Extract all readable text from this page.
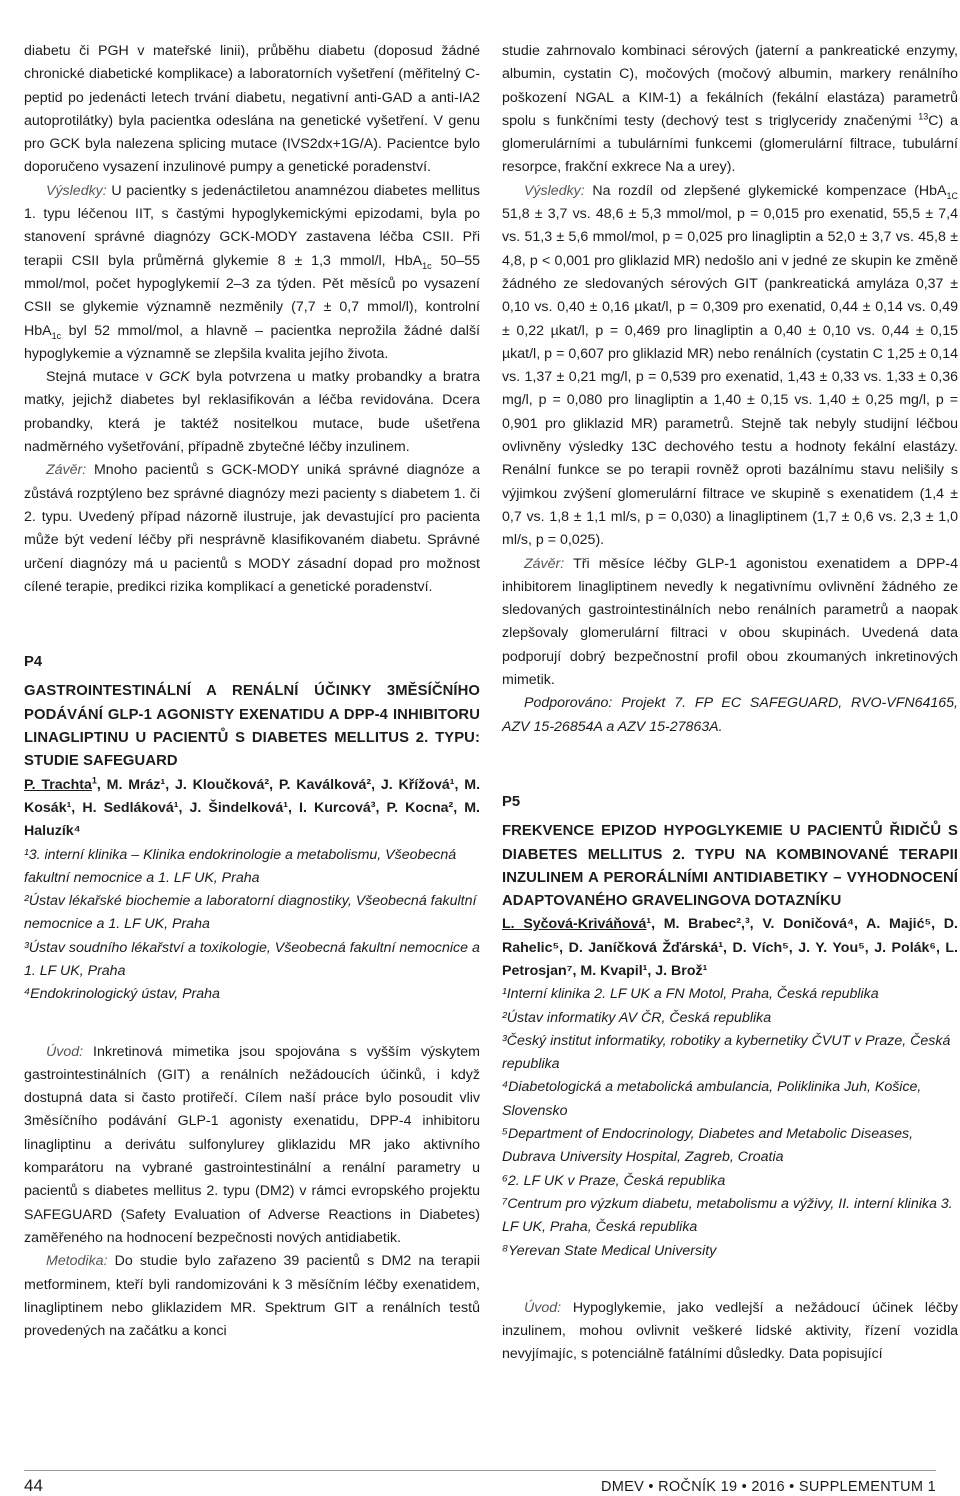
diabetu či PGH v mateřské linii), průběhu diabetu (doposud žádné chronické diabetické komplikace) a laboratorních vyšetření (měřitelný C-peptid po jedenácti letech trvání diabetu, negativní anti-GAD a anti-IA2 autoprotilátky) byla pacientka odeslána na genetické vyšetření. V genu pro GCK byla nalezena splicing mutace (IVS2dx+1G/A). Pacientce bylo doporučeno vysazení inzulinové pumpy a genetické poradenství.

Výsledky: U pacientky s jedenáctiletou anamnézou diabetes mellitus 1. typu léčenou IIT, s častými hypoglykemickými epizodami, byla po stanovení správné diagnózy GCK-MODY zastavena léčba CSII. Při terapii CSII byla průměrná glykemie 8 ± 1,3 mmol/l, HbA$_{1c}$ 50–55 mmol/mol, počet hypoglykemií 2–3 za týden. Pět měsíců po vysazení CSII se glykemie významně nezměnily (7,7 ± 0,7 mmol/l), kontrolní HbA$_{1c}$ byl 52 mmol/mol, a hlavně – pacientka neprožila žádné další hypoglykemie a významně se zlepšila kvalita jejího života.

Stejná mutace v GCK byla potvrzena u matky probandky a bratra matky, jejichž diabetes byl reklasifikován a léčba revidována. Dcera probandky, která je taktéž nositelkou mutace, bude ušetřena nadměrného vyšetřování, případně zbytečné léčby inzulinem.

Závěr: Mnoho pacientů s GCK-MODY uniká správné diagnóze a zůstává rozptýleno bez správné diagnózy mezi pacienty s diabetem 1. či 2. typu. Uvedený případ názorně ilustruje, jak devastující pro pacienta může být vedení léčby při nesprávně klasifikovaném diabetu. Správné určení diagnózy má u pacientů s MODY zásadní dopad pro možnost cílené terapie, predikci rizika komplikací a genetické poradenství.

P4

GASTROINTESTINÁLNÍ A RENÁLNÍ ÚČINKY 3MĚSÍČNÍHO PODÁVÁNÍ GLP-1 AGONISTY EXENATIDU A DPP-4 INHIBITORU LINAGLIPTINU U PACIENTŮ S DIABETES MELLITUS 2. TYPU: STUDIE SAFEGUARD

P. Trachta$^1$, M. Mráz¹, J. Kloučková², P. Kaválková², J. Křížová¹, M. Kosák¹, H. Sedláková¹, J. Šindelková¹, I. Kurcová³, P. Kocna², M. Haluzík⁴

¹3. interní klinika – Klinika endokrinologie a metabolismu, Všeobecná fakultní nemocnice a 1. LF UK, Praha

²Ústav lékařské biochemie a laboratorní diagnostiky, Všeobecná fakultní nemocnice a 1. LF UK, Praha

³Ústav soudního lékařství a toxikologie, Všeobecná fakultní nemocnice a 1. LF UK, Praha

⁴Endokrinologický ústav, Praha

Úvod: Inkretinová mimetika jsou spojována s vyšším výskytem gastrointestinálních (GIT) a renálních nežádoucích účinků, i když dostupná data si často protiřečí. Cílem naší práce bylo posoudit vliv 3měsíčního podávání GLP-1 agonisty exenatidu, DPP-4 inhibitoru linagliptinu a derivátu sulfonylurey gliklazidu MR jako aktivního komparátoru na vybrané gastrointestinální a renální parametry u pacientů s diabetes mellitus 2. typu (DM2) v rámci evropského projektu SAFEGUARD (Safety Evaluation of Adverse Reactions in Diabetes) zaměřeného na hodnocení bezpečnosti nových antidiabetik.

Metodika: Do studie bylo zařazeno 39 pacientů s DM2 na terapii metforminem, kteří byli randomizováni k 3 měsíčním léčby exenatidem, linagliptinem nebo gliklazidem MR. Spektrum GIT a renálních testů provedených na začátku a konci

studie zahrnovalo kombinaci sérových (jaterní a pankreatické enzymy, albumin, cystatin C), močových (močový albumin, markery renálního poškození NGAL a KIM-1) a fekálních (fekální elastáza) parametrů spolu s funkčními testy (dechový test s triglyceridy značenými $^{13}$C) a glomerulárními a tubulárními funkcemi (glomerulární filtrace, tubulární resorpce, frakční exkrece Na a urey).

Výsledky: Na rozdíl od zlepšené glykemické kompenzace (HbA$_{1C}$ 51,8 ± 3,7 vs. 48,6 ± 5,3 mmol/mol, p = 0,015 pro exenatid, 55,5 ± 7,4 vs. 51,3 ± 5,6 mmol/mol, p = 0,025 pro linagliptin a 52,0 ± 3,7 vs. 45,8 ± 4,8, p < 0,001 pro gliklazid MR) nedošlo ani v jedné ze skupin ke změně žádného ze sledovaných sérových GIT (pankreatická amyláza 0,37 ± 0,10 vs. 0,40 ± 0,16 µkat/l, p = 0,309 pro exenatid, 0,44 ± 0,14 vs. 0,49 ± 0,22 µkat/l, p = 0,469 pro linagliptin a 0,40 ± 0,10 vs. 0,44 ± 0,15 µkat/l, p = 0,607 pro gliklazid MR) nebo renálních (cystatin C 1,25 ± 0,14 vs. 1,37 ± 0,21 mg/l, p = 0,539 pro exenatid, 1,43 ± 0,33 vs. 1,33 ± 0,36 mg/l, p = 0,080 pro linagliptin a 1,40 ± 0,15 vs. 1,40 ± 0,25 mg/l, p = 0,901 pro gliklazid MR) parametrů. Stejně tak nebyly studijní léčbou ovlivněny výsledky 13C dechového testu a hodnoty fekální elastázy. Renální funkce se po terapii rovněž oproti bazálnímu stavu nelišily s výjimkou zvýšení glomerulární filtrace ve skupině s exenatidem (1,4 ± 0,7 vs. 1,8 ± 1,1 ml/s, p = 0,030) a linagliptinem (1,7 ± 0,6 vs. 2,3 ± 1,0 ml/s, p = 0,025).

Závěr: Tři měsíce léčby GLP-1 agonistou exenatidem a DPP-4 inhibitorem linagliptinem nevedly k negativnímu ovlivnění žádného ze sledovaných gastrointestinálních nebo renálních parametrů a naopak zlepšovaly glomerulární filtraci v obou skupinách. Uvedená data podporují dobrý bezpečnostní profil obou zkoumaných inkretinových mimetik.

Podporováno: Projekt 7. FP EC SAFEGUARD, RVO-VFN64165, AZV 15-26854A a AZV 15-27863A.

P5

FREKVENCE EPIZOD HYPOGLYKEMIE U PACIENTŮ ŘIDIČŮ S DIABETES MELLITUS 2. TYPU NA KOMBINOVANÉ TERAPII INZULINEM A PERORÁLNÍMI ANTIDIABETIKY – VYHODNOCENÍ ADAPTOVANÉHO GRAVELINGOVA DOTAZNÍKU

L. Syčová-Kriváňová¹, M. Brabec²,³, V. Doničová⁴, A. Majić⁵, D. Rahelic⁵, D. Janíčková Žďárská¹, D. Vích⁵, J. Y. You⁵, J. Polák⁶, L. Petrosjan⁷, M. Kvapil¹, J. Brož¹

¹Interní klinika 2. LF UK a FN Motol, Praha, Česká republika

²Ústav informatiky AV ČR, Česká republika

³Český institut informatiky, robotiky a kybernetiky ČVUT v Praze, Česká republika

⁴Diabetologická a metabolická ambulancia, Poliklinika Juh, Košice, Slovensko

⁵Department of Endocrinology, Diabetes and Metabolic Diseases, Dubrava University Hospital, Zagreb, Croatia

⁶2. LF UK v Praze, Česká republika

⁷Centrum pro výzkum diabetu, metabolismu a výživy, II. interní klinika 3. LF UK, Praha, Česká republika

⁸Yerevan State Medical University

Úvod: Hypoglykemie, jako vedlejší a nežádoucí účinek léčby inzulinem, mohou ovlivnit veškeré lidské aktivity, řízení vozidla nevyjímajíc, s potenciálně fatálními důsledky. Data popisující

44	DMEV • ROČNÍK 19 • 2016 • SUPPLEMENTUM 1
